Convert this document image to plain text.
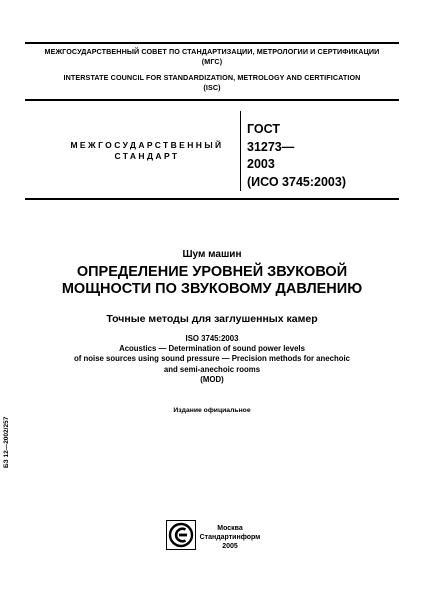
МЕЖГОСУДАРСТВЕННЫЙ СОВЕТ ПО СТАНДАРТИЗАЦИИ, МЕТРОЛОГИИ И СЕРТИФИКАЦИИ
(МГС)
INTERSTATE COUNCIL FOR STANDARDIZATION, METROLOGY AND CERTIFICATION
(ISC)
МЕЖГОСУДАРСТВЕННЫЙ
СТАНДАРТ
ГОСТ
31273—
2003
(ИСО 3745:2003)
Шум машин
ОПРЕДЕЛЕНИЕ УРОВНЕЙ ЗВУКОВОЙ
МОЩНОСТИ ПО ЗВУКОВОМУ ДАВЛЕНИЮ
Точные методы для заглушенных камер
ISO 3745:2003
Acoustics — Determination of sound power levels
of noise sources using sound pressure — Precision methods for anechoic
and semi-anechoic rooms
(MOD)
Издание официальное
БЗ 12—2002/257
Москва
Стандартинформ
2005
